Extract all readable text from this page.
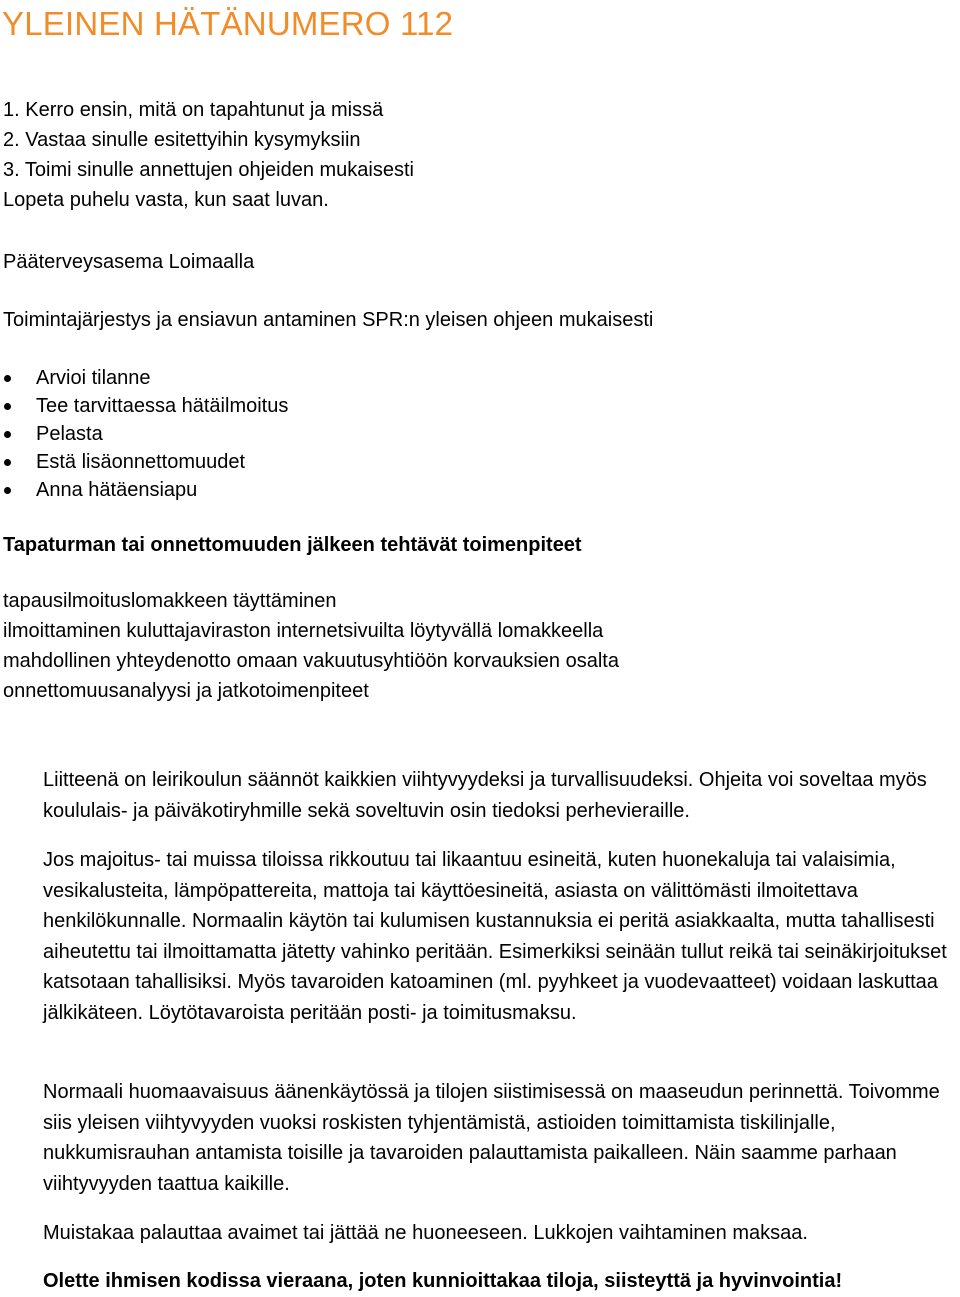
YLEINEN HÄTÄNUMERO 112
1. Kerro ensin, mitä on tapahtunut ja missä
2. Vastaa sinulle esitettyihin kysymyksiin
3. Toimi sinulle annettujen ohjeiden mukaisesti
Lopeta puhelu vasta, kun saat luvan.
Pääterveysasema Loimaalla
Toimintajärjestys ja ensiavun antaminen SPR:n yleisen ohjeen mukaisesti
Arvioi tilanne
Tee tarvittaessa hätäilmoitus
Pelasta
Estä lisäonnettomuudet
Anna hätäensiapu
Tapaturman tai onnettomuuden jälkeen tehtävät toimenpiteet
tapausilmoituslomakkeen täyttäminen
ilmoittaminen kuluttajaviraston internetsivuilta löytyvällä lomakkeella
mahdollinen yhteydenotto omaan vakuutusyhtiöön korvauksien osalta
onnettomuusanalyysi ja jatkotoimenpiteet

Liitteenä on leirikoulun säännöt kaikkien viihtyvyydeksi ja turvallisuudeksi. Ohjeita voi soveltaa myös koululais- ja päiväkotiryhmille sekä soveltuvin osin tiedoksi perhevieraille.

Jos majoitus- tai muissa tiloissa rikkoutuu tai likaantuu esineitä, kuten huonekaluja tai valaisimia, vesikalusteita, lämpöpattereita, mattoja tai käyttöesineitä, asiasta on välittömästi ilmoitettava henkilökunnalle. Normaalin käytön tai kulumisen kustannuksia ei peritä asiakkaalta, mutta tahallisesti aiheutettu tai ilmoittamatta jätetty vahinko peritään. Esimerkiksi seinään tullut reikä tai seinäkirjoitukset katsotaan tahallisiksi. Myös tavaroiden katoaminen (ml. pyyhkeet ja vuodevaatteet) voidaan laskuttaa jälkikäteen. Löytötavaroista peritään posti- ja toimitusmaksu.

Normaali huomaavaisuus äänenkäytössä ja tilojen siistimisessä on maaseudun perinnettä. Toivomme siis yleisen viihtyvyyden vuoksi roskisten tyhjentämistä, astioiden toimittamista tiskilinjalle, nukkumisrauhan antamista toisille ja tavaroiden palauttamista paikalleen. Näin saamme parhaan viihtyvyyden taattua kaikille.

Muistakaa palauttaa avaimet tai jättää ne huoneeseen. Lukkojen vaihtaminen maksaa.

Olette ihmisen kodissa vieraana, joten kunnioittakaa tiloja, siisteyttä ja hyvinvointia!
